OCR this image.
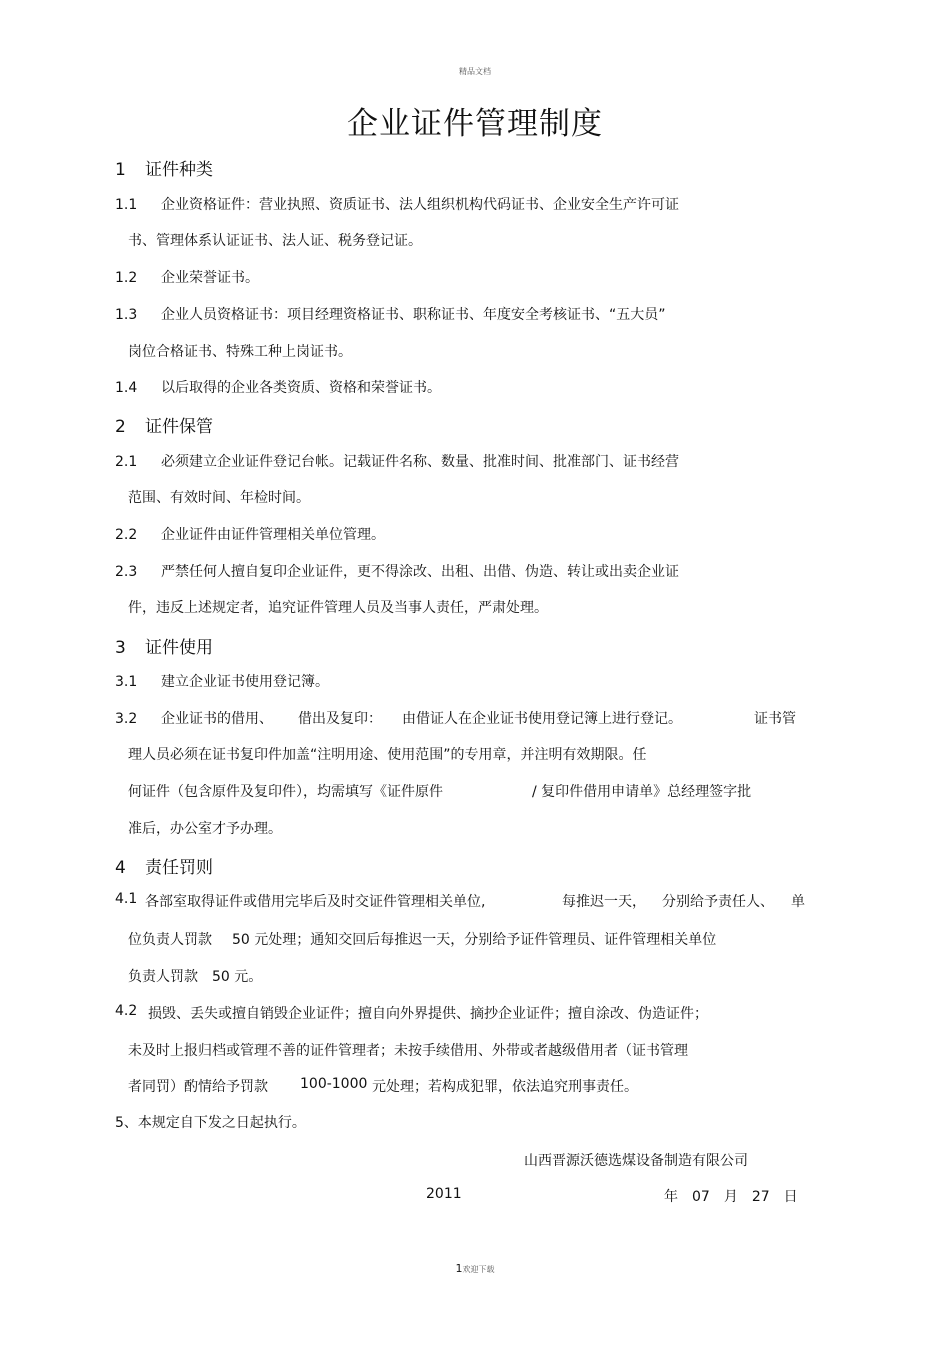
精品文档
企业证件管理制度
1 证件种类
1.1 企业资格证件：营业执照、资质证书、法人组织机构代码证书、企业安全生产许可证
书、管理体系认证证书、法人证、税务登记证。
1.2 企业荣誉证书。
1.3 企业人员资格证书：项目经理资格证书、职称证书、年度安全考核证书、“五大员”
岗位合格证书、特殊工种上岗证书。
1.4 以后取得的企业各类资质、资格和荣誉证书。
2 证件保管
2.1 必须建立企业证件登记台帐。记载证件名称、数量、批准时间、批准部门、证书经营
范围、有效时间、年检时间。
2.2 企业证件由证件管理相关单位管理。
2.3 严禁任何人擅自复印企业证件，更不得涂改、出租、出借、伪造、转让或出卖企业证
件，违反上述规定者，追究证件管理人员及当事人责任，严肃处理。
3 证件使用
3.1 建立企业证书使用登记簿。
3.2 企业证书的借用、 借出及复印： 由借证人在企业证书使用登记簿上进行登记。	证书管
理人员必须在证书复印件加盖“注明用途、使用范围”的专用章，并注明有效期限。任
何证件（包含原件及复印件），均需填写《证件原件	/ 复印件借用申请单》总经理签字批
准后，办公室才予办理。
4 责任罚则
4.1 各部室取得证件或借用完毕后及时交证件管理相关单位,	每推迟一天， 分别给予责任人、 单
位负责人罚款 50 元处理；通知交回后每推迟一天，分别给予证件管理员、证件管理相关单位
负责人罚款　50 元。
4.2 损毁、丢失或擅自销毁企业证件；擅自向外界提供、摘抄企业证件；擅自涂改、伪造证件；
未及时上报归档或管理不善的证件管理者；未按手续借用、外带或者越级借用者（证书管理
者同罚）酌情给予罚款 100-1000 元处理；若构成犯罪，依法追究刑事责任。
5、本规定自下发之日起执行。
山西晋源沃德选煤设备制造有限公司
2011	年　07　月　27　日
1欢迎下载
